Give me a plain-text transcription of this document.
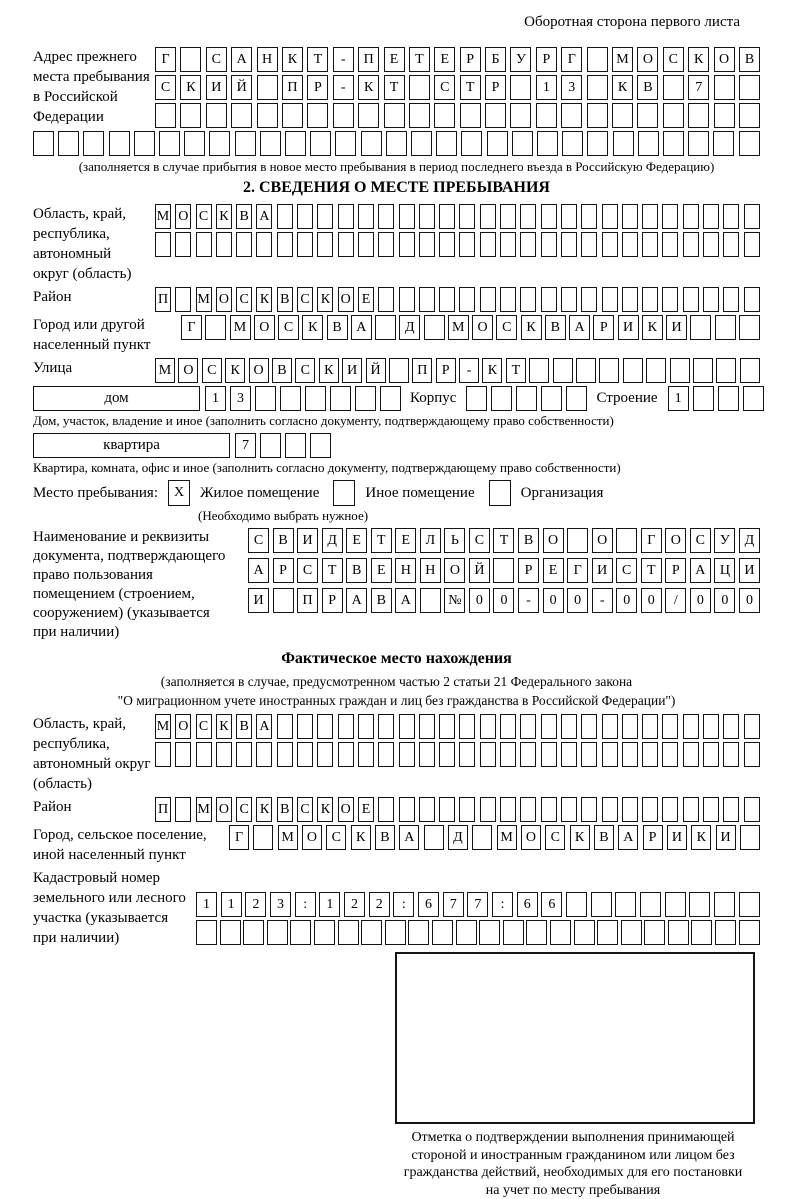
Оборотная сторона первого листа
Адрес прежнего
места пребывания
в Российской
Федерации
Г	С	А	Н	К	Т	-	П	Е	Т	Е	Р	Б	У	Р	Г	М	О	С	К	О	В
С	К	И	Й	П	Р	-	К	Т	С	Т	Р	1	3	К	В	7
(заполняется в случае прибытия в новое место пребывания в период последнего въезда в Российскую Федерацию)
2. СВЕДЕНИЯ О МЕСТЕ ПРЕБЫВАНИЯ
Область, край,
республика,
автономный
округ (область)
М О С К В А
Район	П М О С К В С К О Е
Город или другой
населенный пункт
Г	М О	С	К	В	А	Д	М О	С	К	В	А	Р	И	К	И
Улица	М О С	К О В	С	К И Й	П	Р	-	К	Т
дом	1	3	Корпус	Строение	1
Дом, участок, владение и иное (заполнить согласно документу, подтверждающему право собственности)
квартира	7
Квартира, комната, офис и иное (заполнить согласно документу, подтверждающему право собственности)
Место пребывания:	X	Жилое помещение	Иное помещение	Организация
(Необходимо выбрать нужное)
Наименование и реквизиты
документа, подтверждающего
право пользования
помещением (строением,
сооружением) (указывается
при наличии)
С	В	И	Д	Е	Т	Е	Л	Ь	С	Т	В	О	О	Г	О	С	У	Д
А	Р	С	Т	В	Е	Н	Н	О	Й	Р	Е	Г	И	С	Т	Р	А	Ц	И
И	П	Р	А	В	А	№	0	0	-	0	0	-	0	0	/	0	0	0
Фактическое место нахождения
(заполняется в случае, предусмотренном частью 2 статьи 21 Федерального закона
"О миграционном учете иностранных граждан и лиц без гражданства в Российской Федерации")
Область, край,
республика,
автономный округ
(область)
М О С К В А
Район	П М О С К В С К О Е
Город, сельское поселение,
иной населенный пункт
Г	М О	С	К	В	А	Д	М О	С	К	В	А	Р	И	К	И
Кадастровый номер
земельного или лесного
участка (указывается
при наличии)
1	1	2	3	:	1	2	2	:	6	7	7	:	6	6
Отметка о подтверждении выполнения принимающей
стороной и иностранным гражданином или лицом без
гражданства действий, необходимых для его постановки
на учет по месту пребывания
